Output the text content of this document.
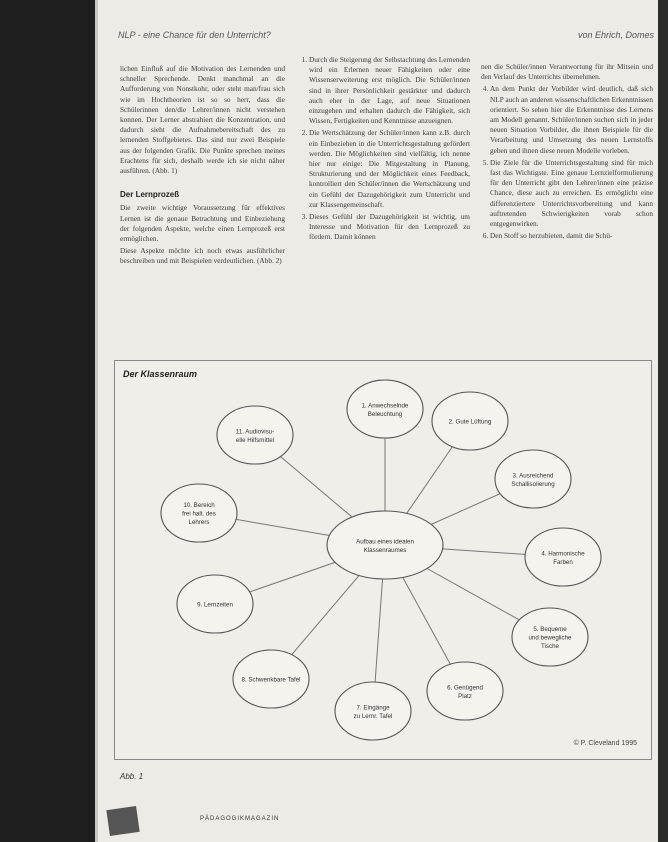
NLP - eine Chance für den Unterricht?	von Ehrich, Domes

lichen Einfluß auf die Motivation des Lernenden und schneller Sprechende. Denkt manchmal an die Aufforderung von Nonstkohr, oder steht man/frau sich wie im Hochtheorien ist so so herr, dass die Schülerinnen den/die Lehrer/innen nicht verstehen konnen. Der Lerner abstrahiert die Konzentration, und dadurch sieht die Aufnahmebereitschaft des zu lernenden Stoffgebietes. Das sind nur zwei Beispiele aus der folgenden Grafik. Die Punkte sprechen meines Erachtens für sich, deshalb werde ich sie nicht näher ausführen. (Abb. 1)

Der Lernprozeß

Die zweite wichtige Voraussetzung für effektives Lernen ist die genaue Betrachtung und Einbeziehung der folgenden Aspekte, welche einen Lernprozeß erst ermöglichen.

Diese Aspekte möchte ich noch etwas ausführlicher beschreiben und mit Beispielen verdeutlichen. (Abb. 2)

1. Durch die Steigerung der Selbstachtung des Lernenden wird ein Erlernen neuer Fähigkeiten oder eine Wissenserweiterung erst möglich. Die Schüler/innen sind in ihrer Persönlichkeit gestärkter und dadurch auch eher in der Lage, auf neue Situationen einzugehen und erhalten dadurch die Fähigkeit, sich Wissen, Fertigkeiten und Kenntnisse anzueignen.
2. Die Wertschätzung der Schüler/innen kann z.B. durch ein Einbeziehen in die Unterrichtsgestaltung gefördert werden. Die Möglichkeiten sind vielfältig, ich nenne hier nur einige: Die Mitgestaltung in Planung, Strukturierung und der Möglichkeit eines Feedback, kontrolliert den Schüler/innen die Wertschätzung und ein Gefühl der Dazugehörigkeit zum Unterricht und zur Klassengemeinschaft.
3. Dieses Gefühl der Dazugehörigkeit ist wichtig, um Interesse und Motivation für den Lernprozeß zu fördern. Damit können

nen die Schüler/innen Verantwortung für ihr Mitsein und den Verlauf des Unterrichts übernehmen.

4. An dem Punkt der Vorbilder wird deutlich, daß sich NLP auch an anderen wissenschaftlichen Erkenntnissen orientiert. So sehen hier die Erkenntnisse des Lernens am Modell genannt. Schüler/innen suchen sich in jeder neuen Situation Vorbilder, die ihnen Beispiele für die Verarbeitung und Umsetzung des neuen Lernstoffs geben und ihnen diese neuen Modelle vorleben.
5. Die Ziele für die Unterrichtsgestaltung sind für mich fast das Wichtigste. Eine genaue Lernzielformulierung für den Unterricht gibt den Lehrer/innen eine präzise Chance, diese auch zu erreichen. Es ermöglicht eine differenziertere Unterrichtsvorbereitung und kann auftretenden Schwierigkeiten vorab schon entgegenwirken.
6. Den Stoff so herzubieten, damit die Schü-
Der Klassenraum
1. Anwechselnde
Beleuchtung
2. Gute Lüftung
3. Ausreichend
Schallisolierung
4. Harmonische
Farben
5. Bequeme
und bewegliche
Tische
6. Genügend
Platz
7. Eingänge
zu Lernr. Tafel
8. Schwenkbare Tafel
9. Lernzeiten
10. Bereich
frei halt. des
Lehrers
11. Audiovisu-
elle Hilfsmittel
Aufbau eines idealen
Klassenraumes
© P. Cleveland 1995
Abb. 1
PÄDAGOGIKMAGAZIN
